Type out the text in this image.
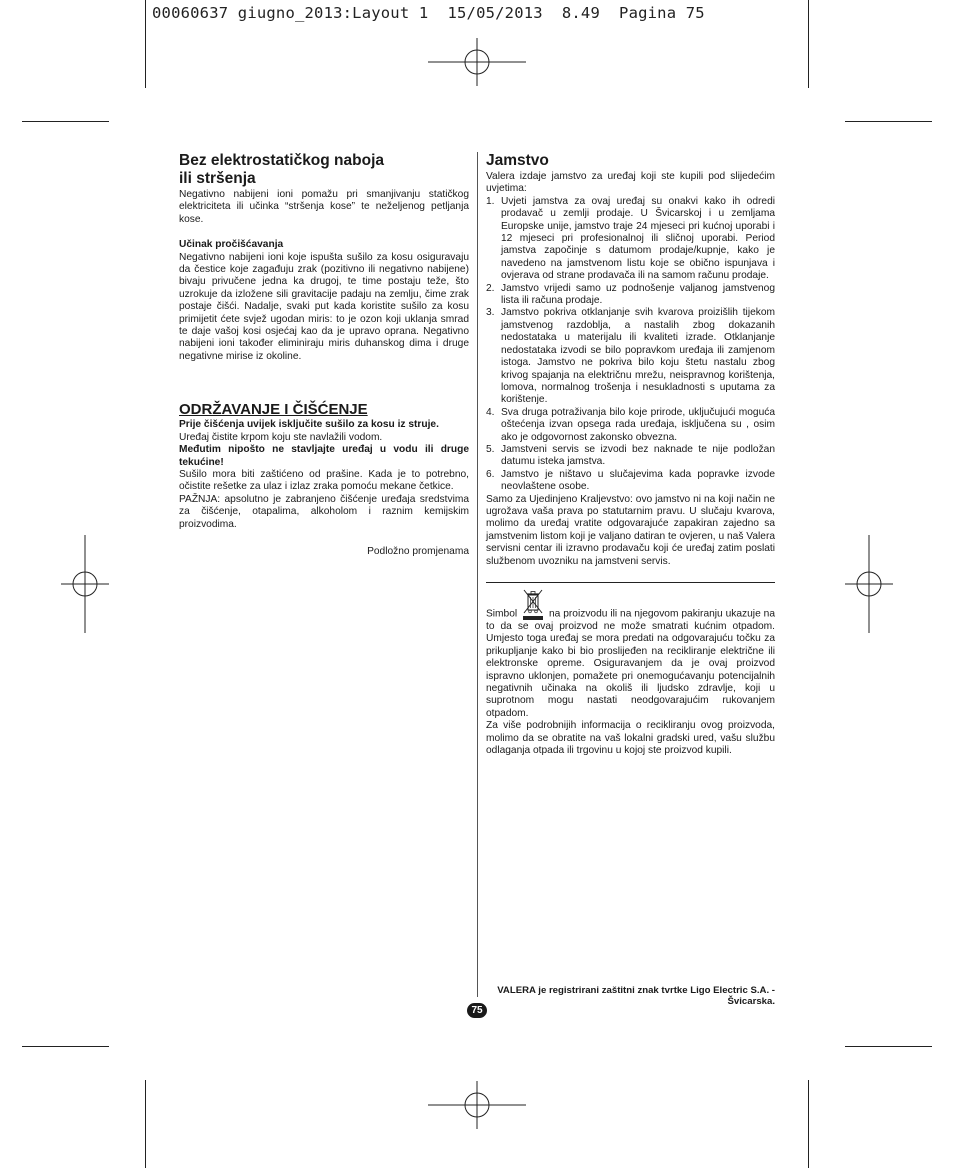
00060637 giugno_2013:Layout 1  15/05/2013  8.49  Pagina 75
Bez elektrostatičkog naboja
ili stršenja

Negativno nabijeni ioni pomažu pri smanjivanju statičkog elektriciteta ili učinka “stršenja kose” te neželjenog petljanja kose.

Učinak pročišćavanja

Negativno nabijeni ioni koje ispušta sušilo za kosu osiguravaju da čestice koje zagađuju zrak (pozitivno ili negativno nabijene) bivaju privučene jedna ka drugoj, te time postaju teže, što uzrokuje da izložene sili gravitacije padaju na zemlju, čime zrak postaje čišći. Nadalje, svaki put kada koristite sušilo za kosu primijetit ćete svjež ugodan miris: to je ozon koji uklanja smrad te daje vašoj kosi osjećaj kao da je upravo oprana. Negativno nabijeni ioni također eliminiraju miris duhanskog dima i druge negativne mirise iz okoline.

ODRŽAVANJE I ČIŠĆENJE

Prije čišćenja uvijek isključite sušilo za kosu iz struje.

Uređaj čistite krpom koju ste navlažili vodom.

Međutim nipošto ne stavljajte uređaj u vodu ili druge tekućine!

Sušilo mora biti zaštićeno od prašine. Kada je to potrebno, očistite rešetke za ulaz i izlaz zraka pomoću mekane četkice.

PAŽNJA: apsolutno je zabranjeno čišćenje uređaja sredstvima za čišćenje, otapalima, alkoholom i raznim kemijskim proizvodima.

Podložno promjenama

Jamstvo

Valera izdaje jamstvo za uređaj koji ste kupili pod slijedećim uvjetima:

1. Uvjeti jamstva za ovaj uređaj su onakvi kako ih odredi prodavač u zemlji prodaje. U Švicarskoj i u zemljama Europske unije, jamstvo traje 24 mjeseci pri kućnoj uporabi i 12 mjeseci pri profesionalnoj ili sličnoj uporabi. Period jamstva započinje s datumom prodaje/kupnje, kako je navedeno na jamstvenom listu koje se obično ispunjava i ovjerava od strane prodavača ili na samom računu prodaje.
2. Jamstvo vrijedi samo uz podnošenje valjanog jamstvenog lista ili računa prodaje.
3. Jamstvo pokriva otklanjanje svih kvarova proizišlih tijekom jamstvenog razdoblja, a nastalih zbog dokazanih nedostataka u materijalu ili kvaliteti izrade. Otklanjanje nedostataka izvodi se bilo popravkom uređaja ili zamjenom istoga. Jamstvo ne pokriva bilo koju štetu nastalu zbog krivog spajanja na električnu mrežu, neispravnog korištenja, lomova, normalnog trošenja i nesukladnosti s uputama za korištenje.
4. Sva druga potraživanja bilo koje prirode, uključujući moguća oštećenja izvan opsega rada uređaja, isključena su , osim ako je odgovornost zakonsko obvezna.
5. Jamstveni servis se izvodi bez naknade te nije podložan datumu isteka jamstva.
6. Jamstvo je ništavo u slučajevima kada popravke izvode neovlaštene osobe.

Samo za Ujedinjeno Kraljevstvo: ovo jamstvo ni na koji način ne ugrožava vaša prava po statutarnim pravu. U slučaju kvarova, molimo da uređaj vratite odgovarajuće zapakiran zajedno sa jamstvenim listom koji je valjano datiran te ovjeren, u naš Valera servisni centar ili izravno prodavaču koji će uređaj zatim poslati službenom uvozniku na jamstveni servis.

Simbol	na proizvodu ili na njegovom pakiranju ukazuje na to da se ovaj proizvod ne može smatrati kućnim otpadom. Umjesto toga uređaj se mora predati na odgovarajuću točku za prikupljanje kako bi bio proslijeđen na recikliranje električne ili elektronske opreme. Osiguravanjem da je ovaj proizvod ispravno uklonjen, pomažete pri onemogućavanju potencijalnih negativnih učinaka na okoliš ili ljudsko zdravlje, koji u suprotnom mogu nastati neodgovarajućim rukovanjem otpadom.

Za više podrobnijih informacija o recikliranju ovog proizvoda, molimo da se obratite na vaš lokalni gradski ured, vašu službu odlaganja otpada ili trgovinu u kojoj ste proizvod kupili.

VALERA je registrirani zaštitni znak tvrtke Ligo Electric S.A. - Švicarska.
75
